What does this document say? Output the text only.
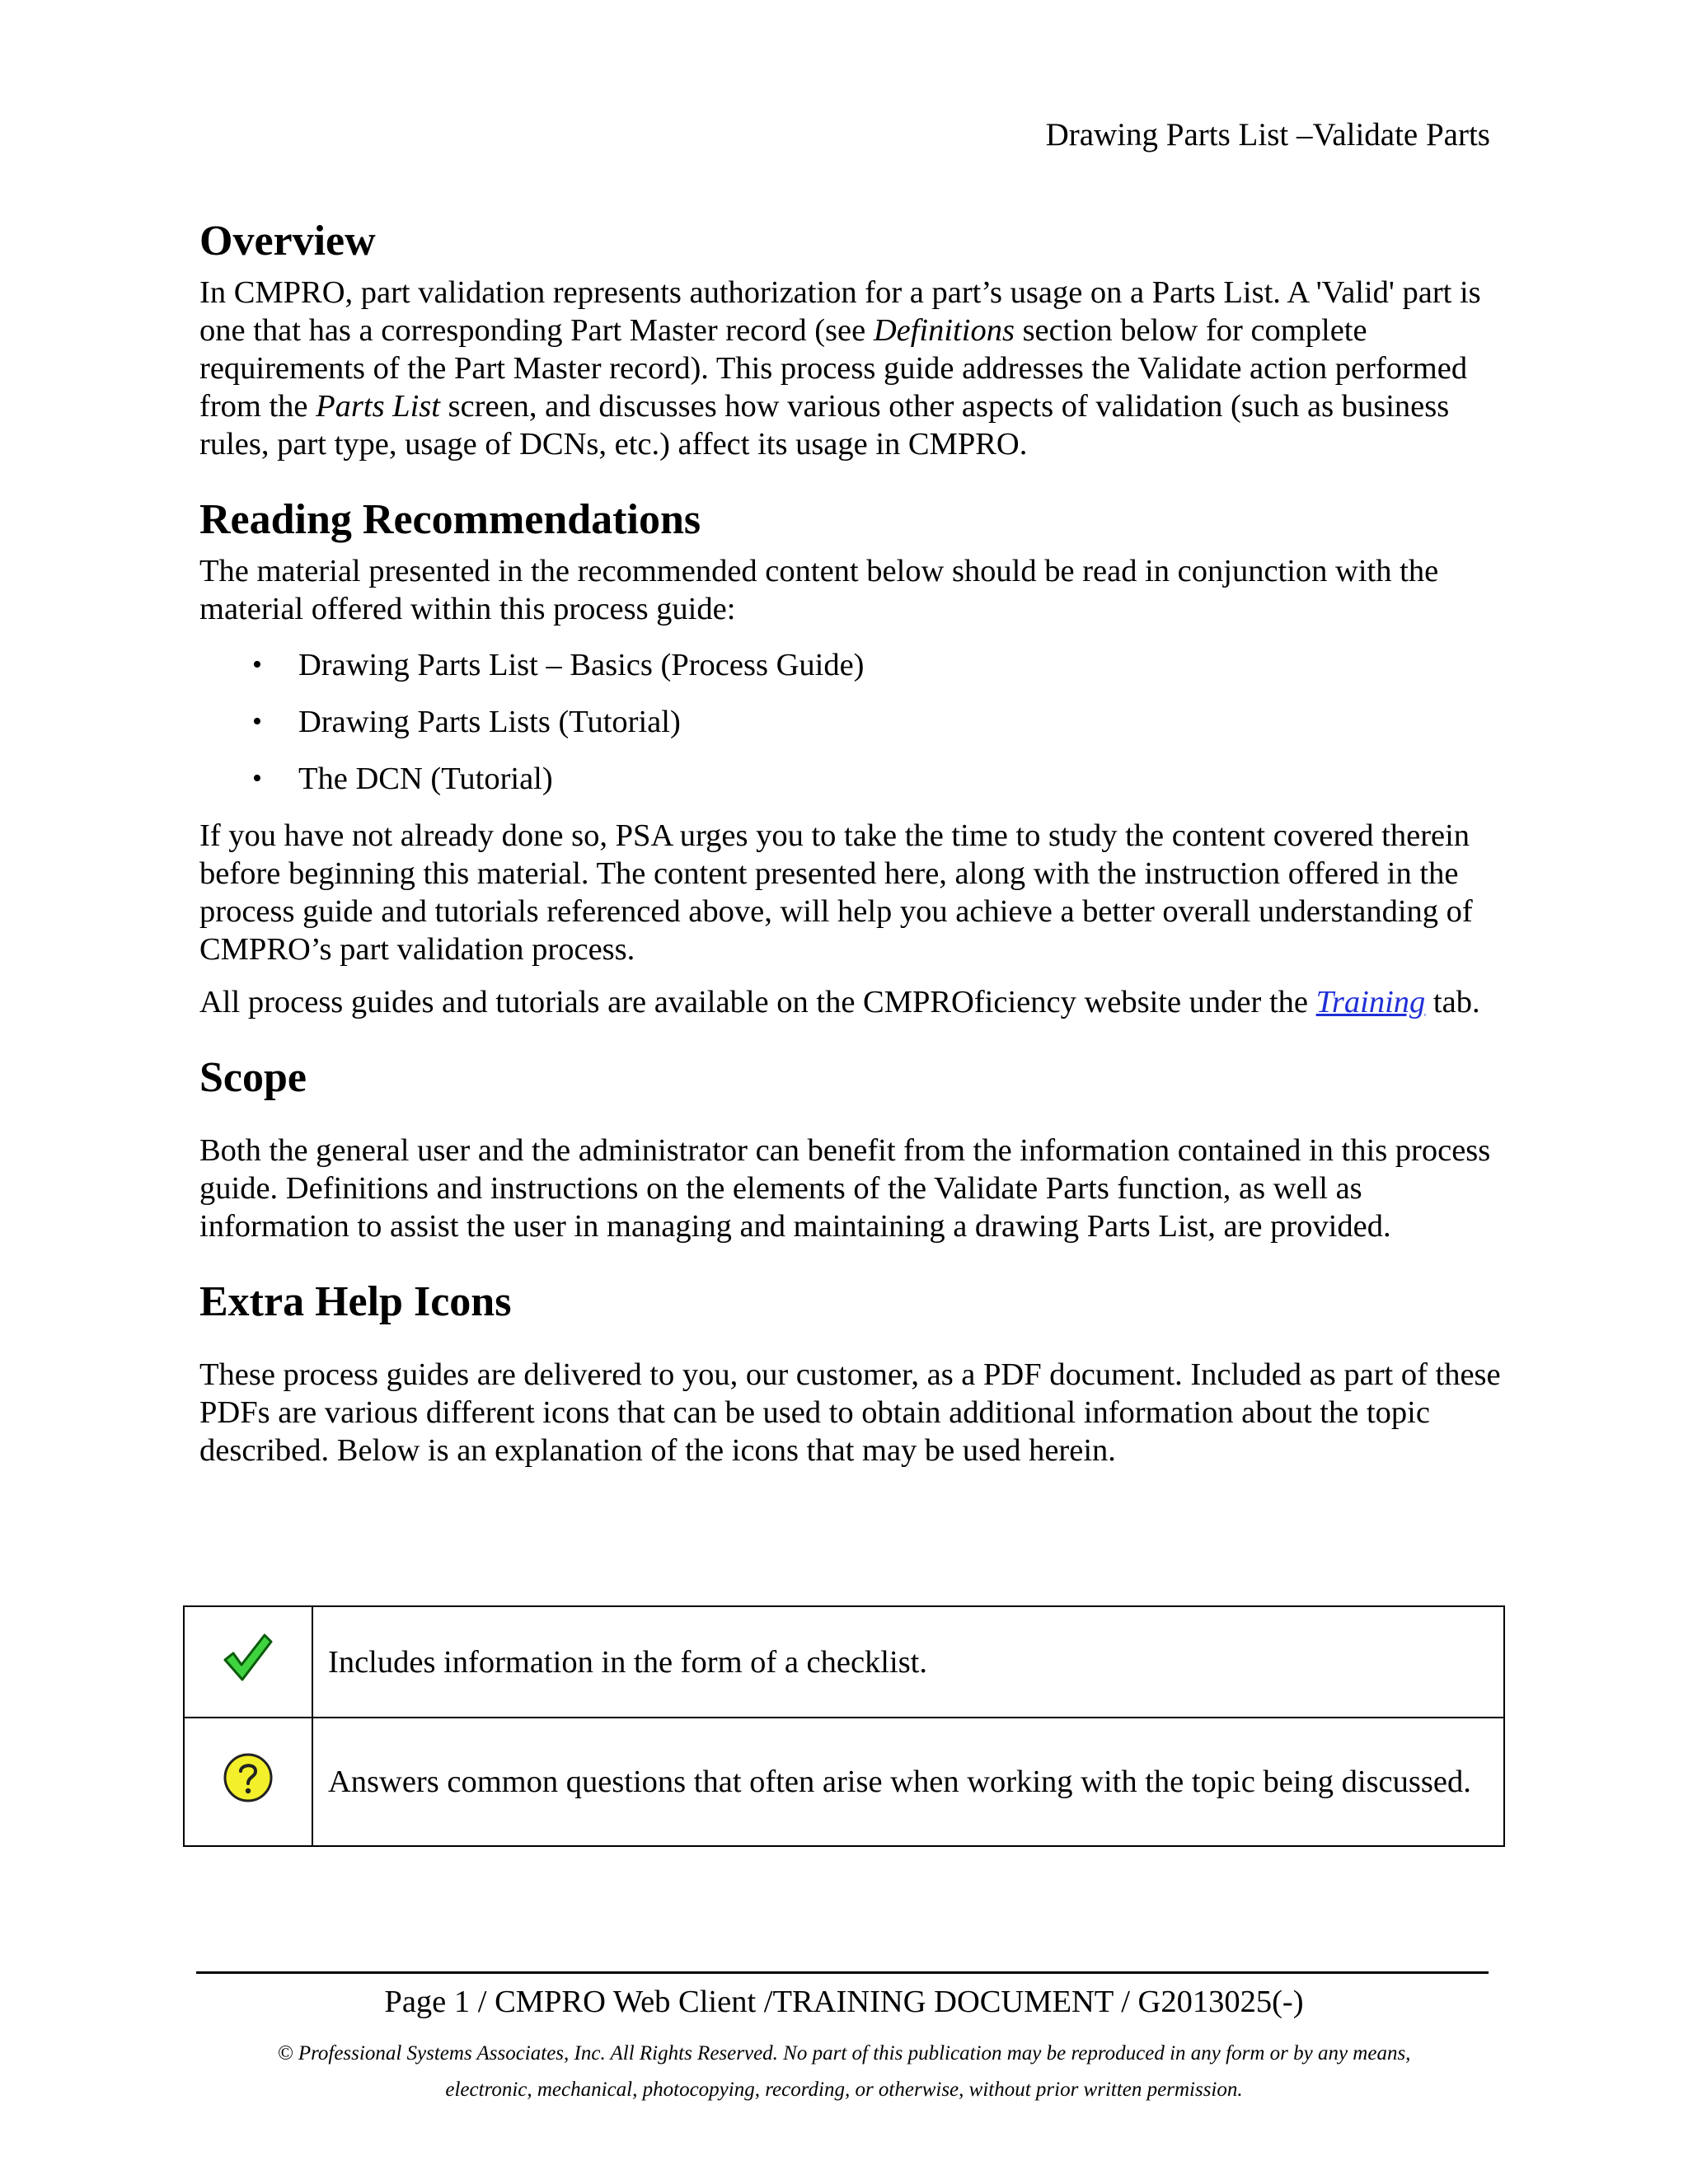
Drawing Parts List –Validate Parts
Overview

In CMPRO, part validation represents authorization for a part’s usage on a Parts List. A 'Valid' part is one that has a corresponding Part Master record (see Definitions section below for complete requirements of the Part Master record). This process guide addresses the Validate action performed from the Parts List screen, and discusses how various other aspects of validation (such as business rules, part type, usage of DCNs, etc.) affect its usage in CMPRO.

Reading Recommendations

The material presented in the recommended content below should be read in conjunction with the material offered within this process guide:

•	Drawing Parts List – Basics (Process Guide)
•	Drawing Parts Lists (Tutorial)
•	The DCN (Tutorial)

If you have not already done so, PSA urges you to take the time to study the content covered therein before beginning this material. The content presented here, along with the instruction offered in the process guide and tutorials referenced above, will help you achieve a better overall understanding of CMPRO’s part validation process.

All process guides and tutorials are available on the CMPROficiency website under the Training tab.

Scope

Both the general user and the administrator can benefit from the information contained in this process guide. Definitions and instructions on the elements of the Validate Parts function, as well as information to assist the user in managing and maintaining a drawing Parts List, are provided.

Extra Help Icons

These process guides are delivered to you, our customer, as a PDF document. Included as part of these PDFs are various different icons that can be used to obtain additional information about the topic described. Below is an explanation of the icons that may be used herein.

	Includes information in the form of a checklist.
	Answers common questions that often arise when working with the topic being discussed.
Page 1 / CMPRO Web Client /TRAINING DOCUMENT / G2013025(-)
© Professional Systems Associates, Inc. All Rights Reserved. No part of this publication may be reproduced in any form or by any means,
electronic, mechanical, photocopying, recording, or otherwise, without prior written permission.
